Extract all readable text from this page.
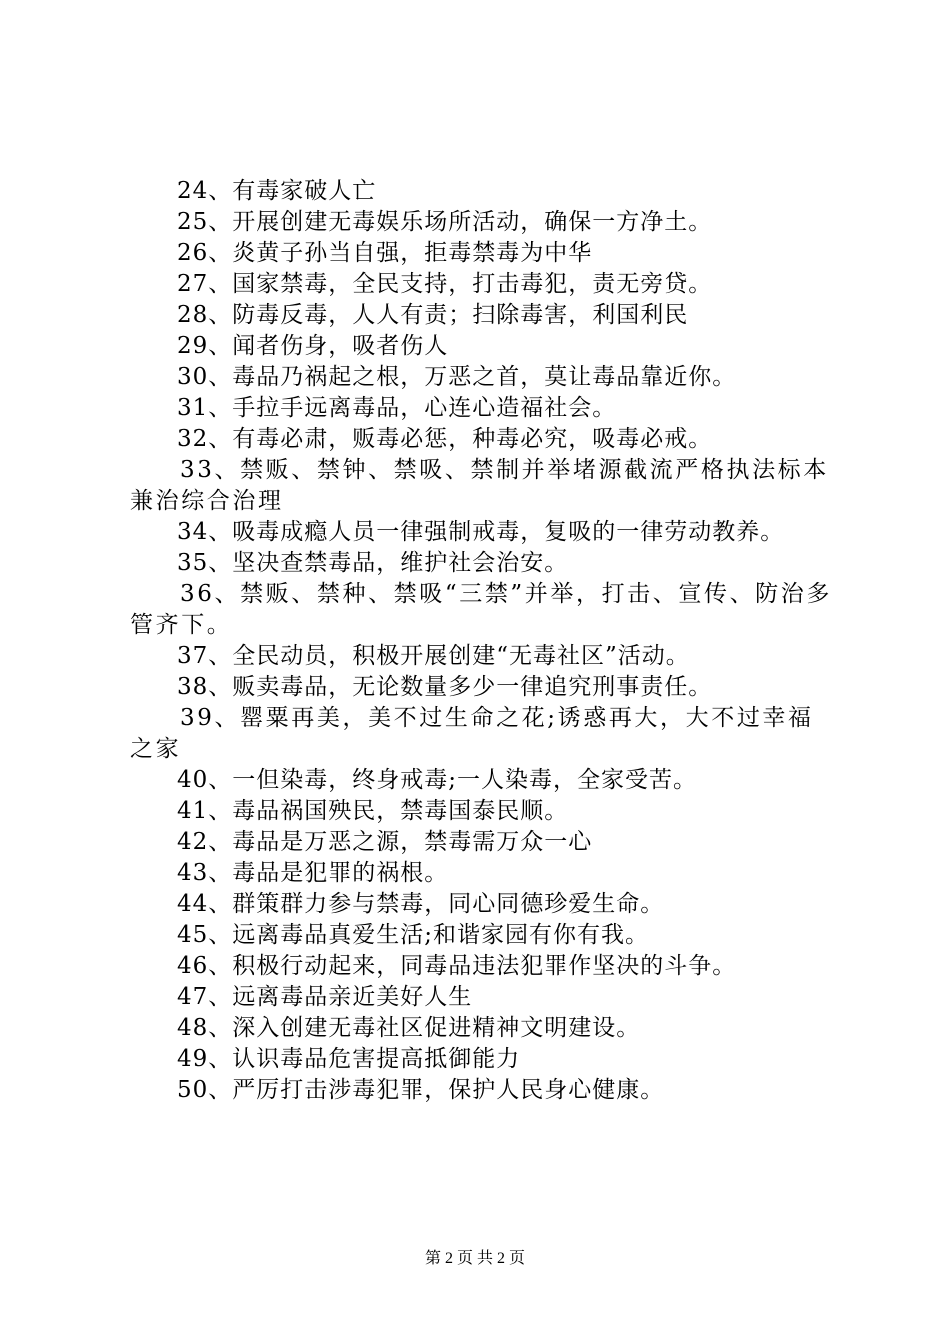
24、有毒家破人亡

25、开展创建无毒娱乐场所活动，确保一方净土。

26、炎黄子孙当自强，拒毒禁毒为中华

27、国家禁毒，全民支持，打击毒犯，责无旁贷。

28、防毒反毒，人人有责；扫除毒害，利国利民

29、闻者伤身，吸者伤人

30、毒品乃祸起之根，万恶之首，莫让毒品靠近你。

31、手拉手远离毒品，心连心造福社会。

32、有毒必肃，贩毒必惩，种毒必究，吸毒必戒。

33、禁贩、禁钟、禁吸、禁制并举堵源截流严格执法标本兼治综合治理

34、吸毒成瘾人员一律强制戒毒，复吸的一律劳动教养。

35、坚决查禁毒品，维护社会治安。

36、禁贩、禁种、禁吸“三禁”并举，打击、宣传、防治多管齐下。

37、全民动员，积极开展创建“无毒社区”活动。

38、贩卖毒品，无论数量多少一律追究刑事责任。

39、罂粟再美，美不过生命之花;诱惑再大，大不过幸福之家

40、一但染毒，终身戒毒;一人染毒，全家受苦。

41、毒品祸国殃民，禁毒国泰民顺。

42、毒品是万恶之源，禁毒需万众一心

43、毒品是犯罪的祸根。

44、群策群力参与禁毒，同心同德珍爱生命。

45、远离毒品真爱生活;和谐家园有你有我。

46、积极行动起来，同毒品违法犯罪作坚决的斗争。

47、远离毒品亲近美好人生

48、深入创建无毒社区促进精神文明建设。

49、认识毒品危害提高抵御能力

50、严厉打击涉毒犯罪，保护人民身心健康。

第 2 页 共 2 页
